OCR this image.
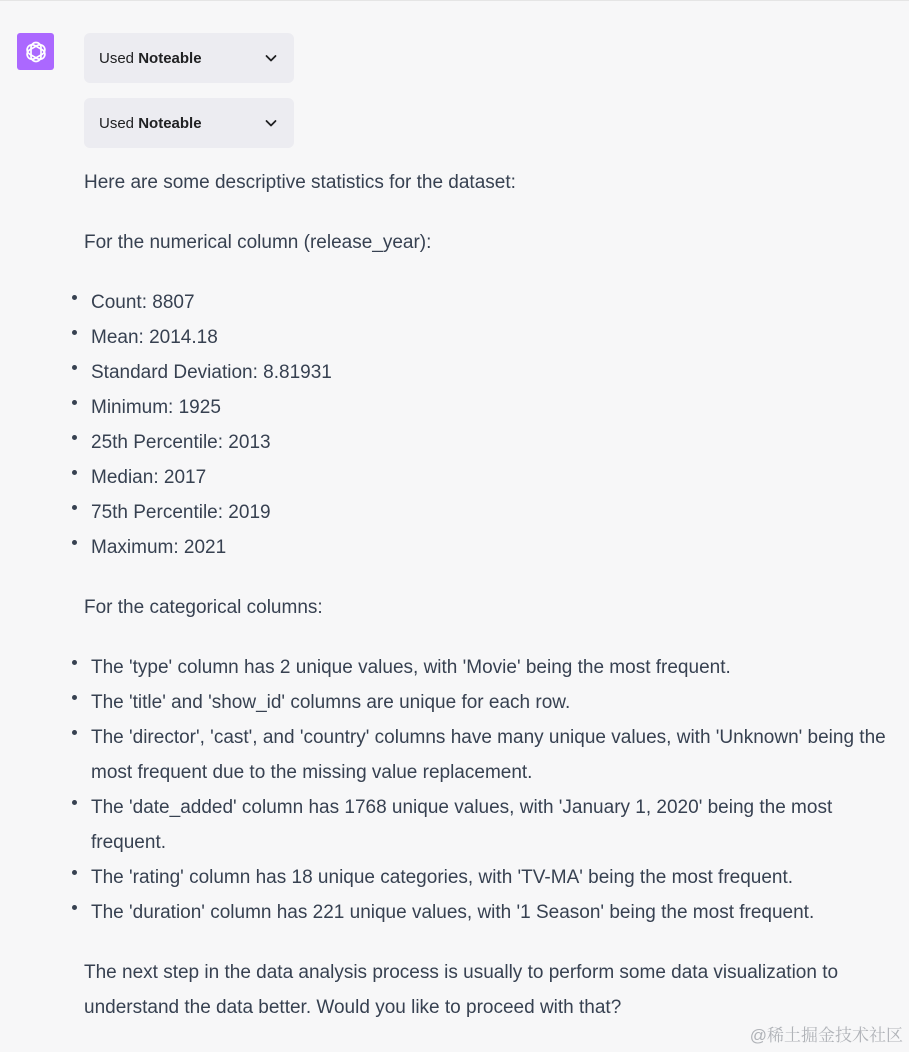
Used Noteable
Used Noteable

Here are some descriptive statistics for the dataset:

For the numerical column (release_year):

Count: 8807
Mean: 2014.18
Standard Deviation: 8.81931
Minimum: 1925
25th Percentile: 2013
Median: 2017
75th Percentile: 2019
Maximum: 2021

For the categorical columns:

The 'type' column has 2 unique values, with 'Movie' being the most frequent.
The 'title' and 'show_id' columns are unique for each row.
The 'director', 'cast', and 'country' columns have many unique values, with 'Unknown' being the most frequent due to the missing value replacement.
The 'date_added' column has 1768 unique values, with 'January 1, 2020' being the most frequent.
The 'rating' column has 18 unique categories, with 'TV-MA' being the most frequent.
The 'duration' column has 221 unique values, with '1 Season' being the most frequent.

The next step in the data analysis process is usually to perform some data visualization to understand the data better. Would you like to proceed with that?

@稀土掘金技术社区
